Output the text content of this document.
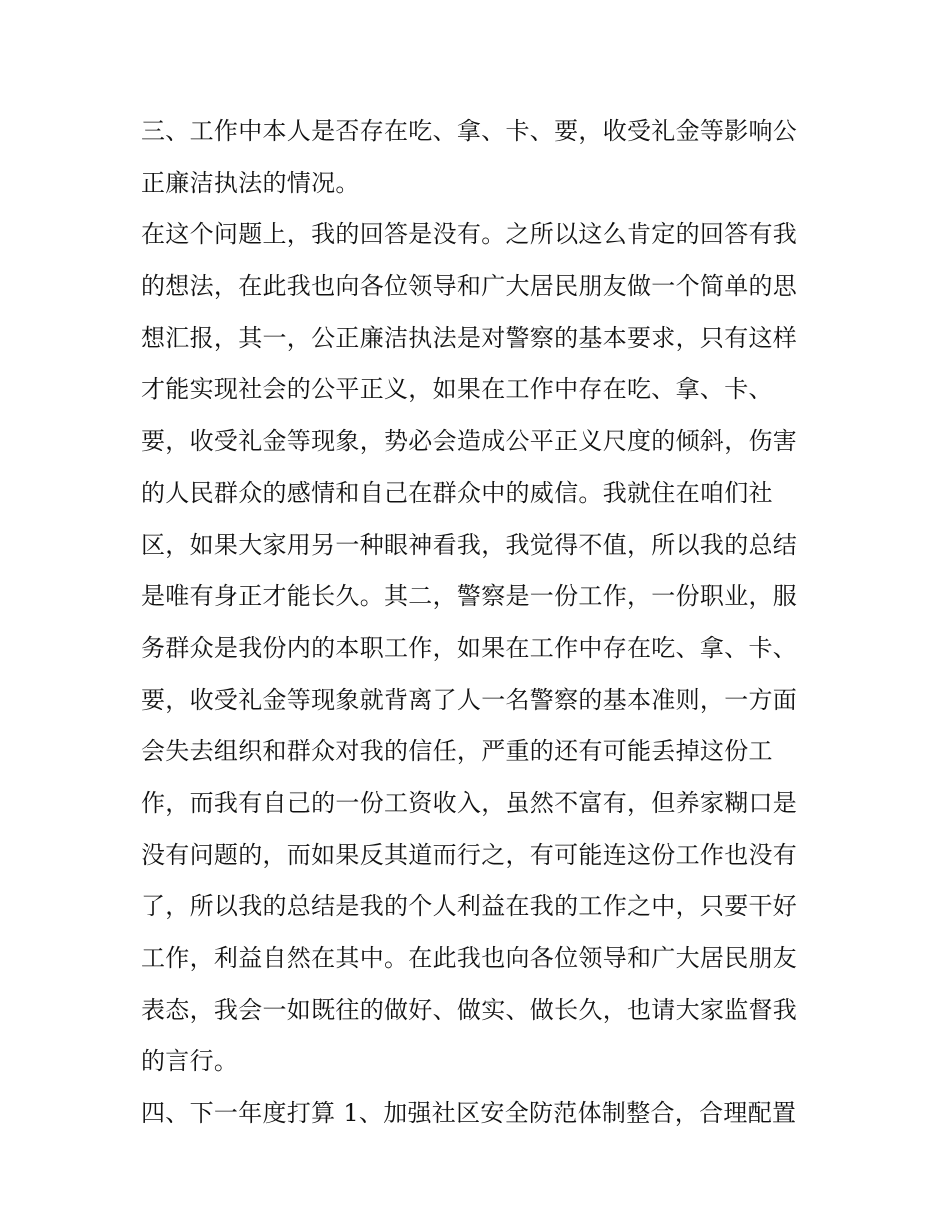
三、工作中本人是否存在吃、拿、卡、要，收受礼金等影响公
正廉洁执法的情况。
在这个问题上，我的回答是没有。之所以这么肯定的回答有我
的想法，在此我也向各位领导和广大居民朋友做一个简单的思
想汇报，其一，公正廉洁执法是对警察的基本要求，只有这样
才能实现社会的公平正义，如果在工作中存在吃、拿、卡、
要，收受礼金等现象，势必会造成公平正义尺度的倾斜，伤害
的人民群众的感情和自己在群众中的威信。我就住在咱们社
区，如果大家用另一种眼神看我，我觉得不值，所以我的总结
是唯有身正才能长久。其二，警察是一份工作，一份职业，服
务群众是我份内的本职工作，如果在工作中存在吃、拿、卡、
要，收受礼金等现象就背离了人一名警察的基本准则，一方面
会失去组织和群众对我的信任，严重的还有可能丢掉这份工
作，而我有自己的一份工资收入，虽然不富有，但养家糊口是
没有问题的，而如果反其道而行之，有可能连这份工作也没有
了，所以我的总结是我的个人利益在我的工作之中，只要干好
工作，利益自然在其中。在此我也向各位领导和广大居民朋友
表态，我会一如既往的做好、做实、做长久，也请大家监督我
的言行。
四、下一年度打算 1、加强社区安全防范体制整合，合理配置
